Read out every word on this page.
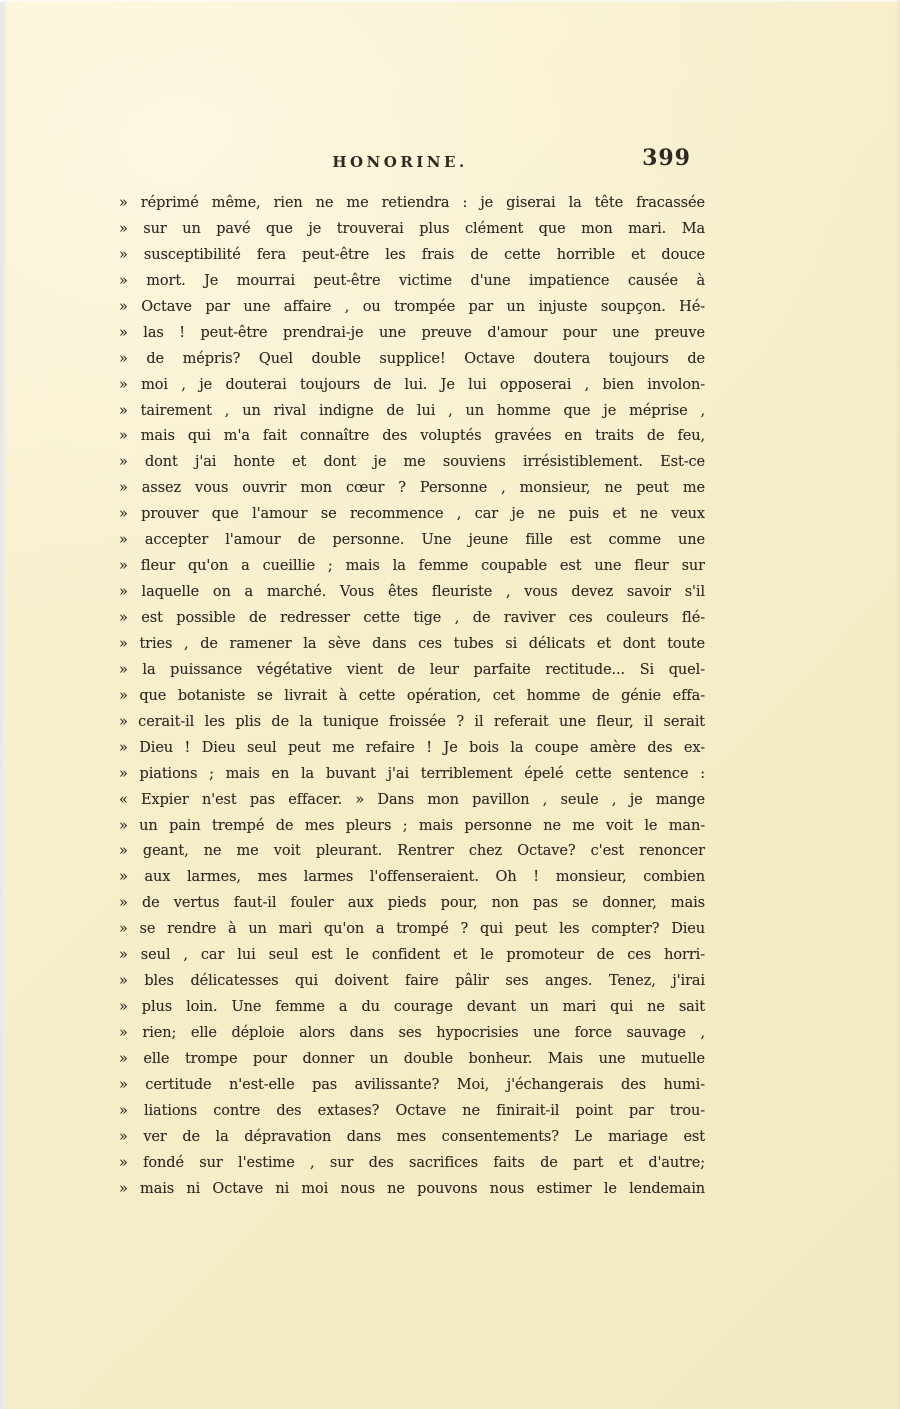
HONORINE.	399
» réprimé même, rien ne me retiendra : je giserai la tête fracassée
» sur un pavé que je trouverai plus clément que mon mari. Ma
» susceptibilité fera peut-être les frais de cette horrible et douce
» mort. Je mourrai peut-être victime d'une impatience causée à
» Octave par une affaire , ou trompée par un injuste soupçon. Hé-
» las ! peut-être prendrai-je une preuve d'amour pour une preuve
» de mépris? Quel double supplice! Octave doutera toujours de
» moi , je douterai toujours de lui. Je lui opposerai , bien involon-
» tairement , un rival indigne de lui , un homme que je méprise ,
» mais qui m'a fait connaître des voluptés gravées en traits de feu,
» dont j'ai honte et dont je me souviens irrésistiblement. Est-ce
» assez vous ouvrir mon cœur ? Personne , monsieur, ne peut me
» prouver que l'amour se recommence , car je ne puis et ne veux
» accepter l'amour de personne. Une jeune fille est comme une
» fleur qu'on a cueillie ; mais la femme coupable est une fleur sur
» laquelle on a marché. Vous êtes fleuriste , vous devez savoir s'il
» est possible de redresser cette tige , de raviver ces couleurs flé-
» tries , de ramener la sève dans ces tubes si délicats et dont toute
» la puissance végétative vient de leur parfaite rectitude... Si quel-
» que botaniste se livrait à cette opération, cet homme de génie effa-
» cerait-il les plis de la tunique froissée ? il referait une fleur, il serait
» Dieu ! Dieu seul peut me refaire ! Je bois la coupe amère des ex-
» piations ; mais en la buvant j'ai terriblement épelé cette sentence :
« Expier n'est pas effacer. » Dans mon pavillon , seule , je mange
» un pain trempé de mes pleurs ; mais personne ne me voit le man-
» geant, ne me voit pleurant. Rentrer chez Octave? c'est renoncer
» aux larmes, mes larmes l'offenseraient. Oh ! monsieur, combien
» de vertus faut-il fouler aux pieds pour, non pas se donner, mais
» se rendre à un mari qu'on a trompé ? qui peut les compter? Dieu
» seul , car lui seul est le confident et le promoteur de ces horri-
» bles délicatesses qui doivent faire pâlir ses anges. Tenez, j'irai
» plus loin. Une femme a du courage devant un mari qui ne sait
» rien; elle déploie alors dans ses hypocrisies une force sauvage ,
» elle trompe pour donner un double bonheur. Mais une mutuelle
» certitude n'est-elle pas avilissante? Moi, j'échangerais des humi-
» liations contre des extases? Octave ne finirait-il point par trou-
» ver de la dépravation dans mes consentements? Le mariage est
» fondé sur l'estime , sur des sacrifices faits de part et d'autre;
» mais ni Octave ni moi nous ne pouvons nous estimer le lendemain
